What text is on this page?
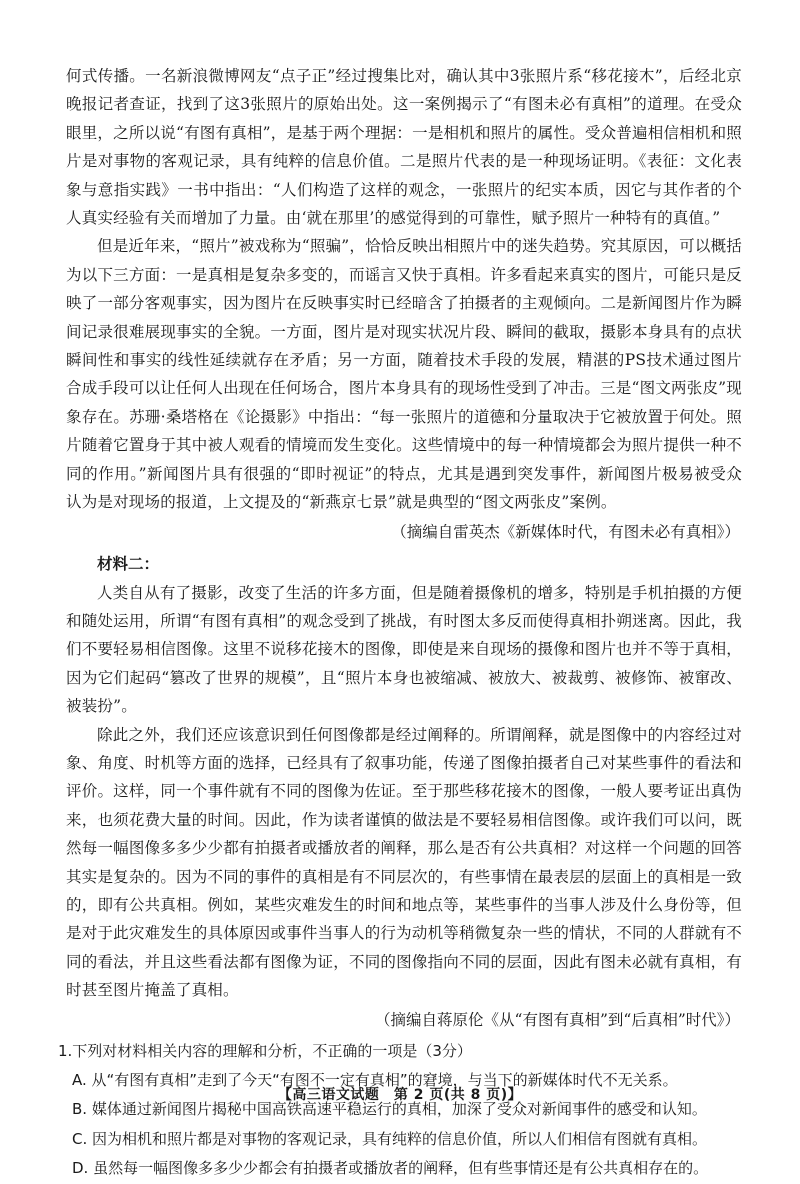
何式传播。一名新浪微博网友“点子正”经过搜集比对，确认其中3张照片系“移花接木”，后经北京晚报记者查证，找到了这3张照片的原始出处。这一案例揭示了“有图未必有真相”的道理。在受众眼里，之所以说“有图有真相”，是基于两个理据：一是相机和照片的属性。受众普遍相信相机和照片是对事物的客观记录，具有纯粹的信息价值。二是照片代表的是一种现场证明。《表征：文化表象与意指实践》一书中指出：“人们构造了这样的观念，一张照片的纪实本质，因它与其作者的个人真实经验有关而增加了力量。由‘就在那里’的感觉得到的可靠性，赋予照片一种特有的真值。”

但是近年来，“照片”被戏称为“照骗”，恰恰反映出相照片中的迷失趋势。究其原因，可以概括为以下三方面：一是真相是复杂多变的，而谣言又快于真相。许多看起来真实的图片，可能只是反映了一部分客观事实，因为图片在反映事实时已经暗含了拍摄者的主观倾向。二是新闻图片作为瞬间记录很难展现事实的全貌。一方面，图片是对现实状况片段、瞬间的截取，摄影本身具有的点状瞬间性和事实的线性延续就存在矛盾；另一方面，随着技术手段的发展，精湛的PS技术通过图片合成手段可以让任何人出现在任何场合，图片本身具有的现场性受到了冲击。三是“图文两张皮”现象存在。苏珊·桑塔格在《论摄影》中指出：“每一张照片的道德和分量取决于它被放置于何处。照片随着它置身于其中被人观看的情境而发生变化。这些情境中的每一种情境都会为照片提供一种不同的作用。”新闻图片具有很强的“即时视证”的特点，尤其是遇到突发事件，新闻图片极易被受众认为是对现场的报道，上文提及的“新燕京七景”就是典型的“图文两张皮”案例。

（摘编自雷英杰《新媒体时代，有图未必有真相》）

材料二：

人类自从有了摄影，改变了生活的许多方面，但是随着摄像机的增多，特别是手机拍摄的方便和随处运用，所谓“有图有真相”的观念受到了挑战，有时图太多反而使得真相扑朔迷离。因此，我们不要轻易相信图像。这里不说移花接木的图像，即使是来自现场的摄像和图片也并不等于真相，因为它们起码“篡改了世界的规模”，且“照片本身也被缩减、被放大、被裁剪、被修饰、被窜改、被装扮”。

除此之外，我们还应该意识到任何图像都是经过阐释的。所谓阐释，就是图像中的内容经过对象、角度、时机等方面的选择，已经具有了叙事功能，传递了图像拍摄者自己对某些事件的看法和评价。这样，同一个事件就有不同的图像为佐证。至于那些移花接木的图像，一般人要考证出真伪来，也须花费大量的时间。因此，作为读者谨慎的做法是不要轻易相信图像。或许我们可以问，既然每一幅图像多多少少都有拍摄者或播放者的阐释，那么是否有公共真相？对这样一个问题的回答其实是复杂的。因为不同的事件的真相是有不同层次的，有些事情在最表层的层面上的真相是一致的，即有公共真相。例如，某些灾难发生的时间和地点等，某些事件的当事人涉及什么身份等，但是对于此灾难发生的具体原因或事件当事人的行为动机等稍微复杂一些的情状，不同的人群就有不同的看法，并且这些看法都有图像为证，不同的图像指向不同的层面，因此有图未必就有真相，有时甚至图片掩盖了真相。

（摘编自蒋原伦《从“有图有真相”到“后真相”时代》）

1.下列对材料相关内容的理解和分析，不正确的一项是（3分）

A. 从“有图有真相”走到了今天“有图不一定有真相”的窘境，与当下的新媒体时代不无关系。

B. 媒体通过新闻图片揭秘中国高铁高速平稳运行的真相，加深了受众对新闻事件的感受和认知。

C. 因为相机和照片都是对事物的客观记录，具有纯粹的信息价值，所以人们相信有图就有真相。

D. 虽然每一幅图像多多少少都会有拍摄者或播放者的阐释，但有些事情还是有公共真相存在的。

【高三语文试题　第 2 页(共 8 页)】
